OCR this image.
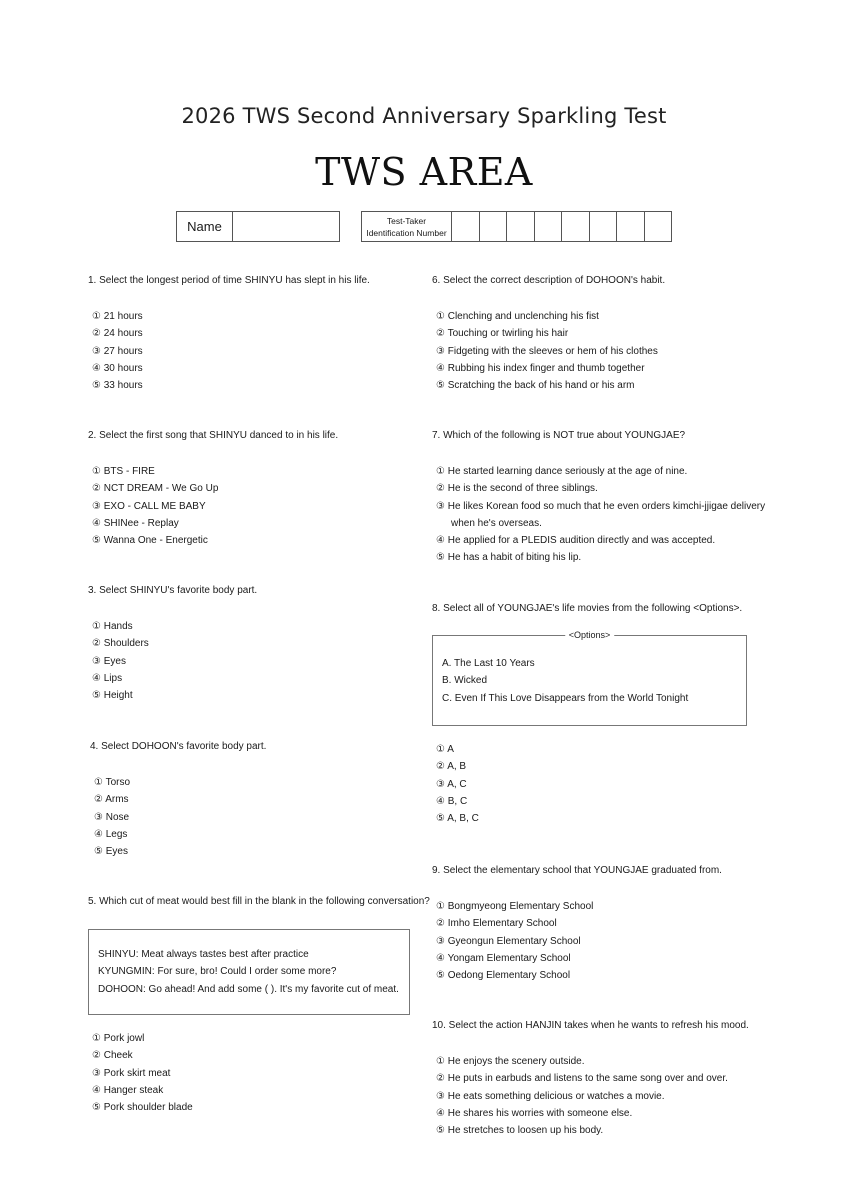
2026 TWS Second Anniversary Sparkling Test
TWS AREA
Name	Test-Taker
Identification Number
1. Select the longest period of time SHINYU has slept in his life.
① 21 hours
② 24 hours
③ 27 hours
④ 30 hours
⑤ 33 hours
2. Select the first song that SHINYU danced to in his life.
① BTS - FIRE
② NCT DREAM - We Go Up
③ EXO - CALL ME BABY
④ SHINee - Replay
⑤ Wanna One - Energetic
3. Select SHINYU's favorite body part.
① Hands
② Shoulders
③ Eyes
④ Lips
⑤ Height
4. Select DOHOON's favorite body part.
① Torso
② Arms
③ Nose
④ Legs
⑤ Eyes
5. Which cut of meat would best fill in the blank in the following conversation?
SHINYU: Meat always tastes best after practice
KYUNGMIN: For sure, bro! Could I order some more?
DOHOON: Go ahead! And add some ( ). It's my favorite cut of meat.
① Pork jowl
② Cheek
③ Pork skirt meat
④ Hanger steak
⑤ Pork shoulder blade
6. Select the correct description of DOHOON's habit.
① Clenching and unclenching his fist
② Touching or twirling his hair
③ Fidgeting with the sleeves or hem of his clothes
④ Rubbing his index finger and thumb together
⑤ Scratching the back of his hand or his arm
7. Which of the following is NOT true about YOUNGJAE?
① He started learning dance seriously at the age of nine.
② He is the second of three siblings.
③ He likes Korean food so much that he even orders kimchi-jjigae delivery
when he's overseas.
④ He applied for a PLEDIS audition directly and was accepted.
⑤ He has a habit of biting his lip.
8. Select all of YOUNGJAE's life movies from the following <Options>.
<Options>
A. The Last 10 Years
B. Wicked
C. Even If This Love Disappears from the World Tonight
① A
② A, B
③ A, C
④ B, C
⑤ A, B, C
9. Select the elementary school that YOUNGJAE graduated from.
① Bongmyeong Elementary School
② Imho Elementary School
③ Gyeongun Elementary School
④ Yongam Elementary School
⑤ Oedong Elementary School
10. Select the action HANJIN takes when he wants to refresh his mood.
① He enjoys the scenery outside.
② He puts in earbuds and listens to the same song over and over.
③ He eats something delicious or watches a movie.
④ He shares his worries with someone else.
⑤ He stretches to loosen up his body.
